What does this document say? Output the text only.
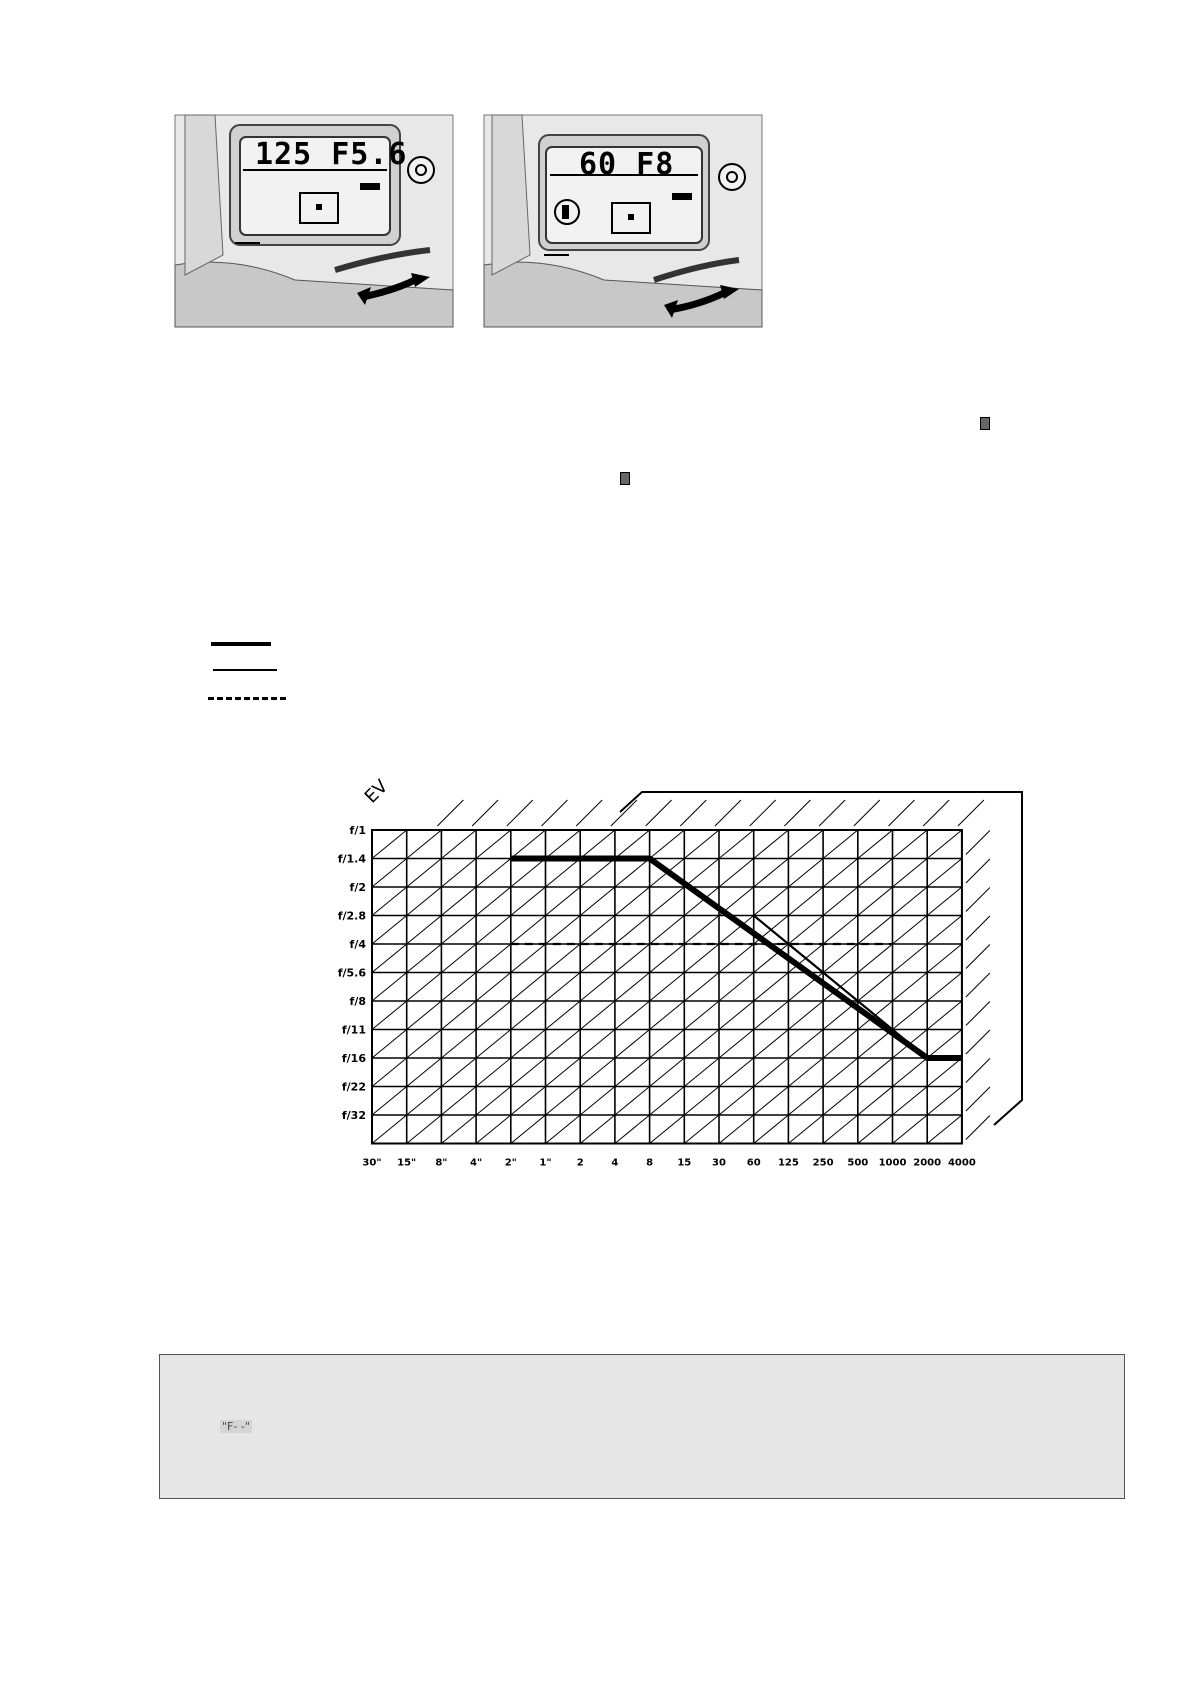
125 F5.6	60 F8
EV
f/1
f/1.4
f/2
f/2.8
f/4
f/5.6
f/8
f/11
f/16
f/22
f/32
30" 15" 8" 4" 2" 1"	2	4	8 15 30 60 125 250 500 1000 2000 4000
"F- -"
